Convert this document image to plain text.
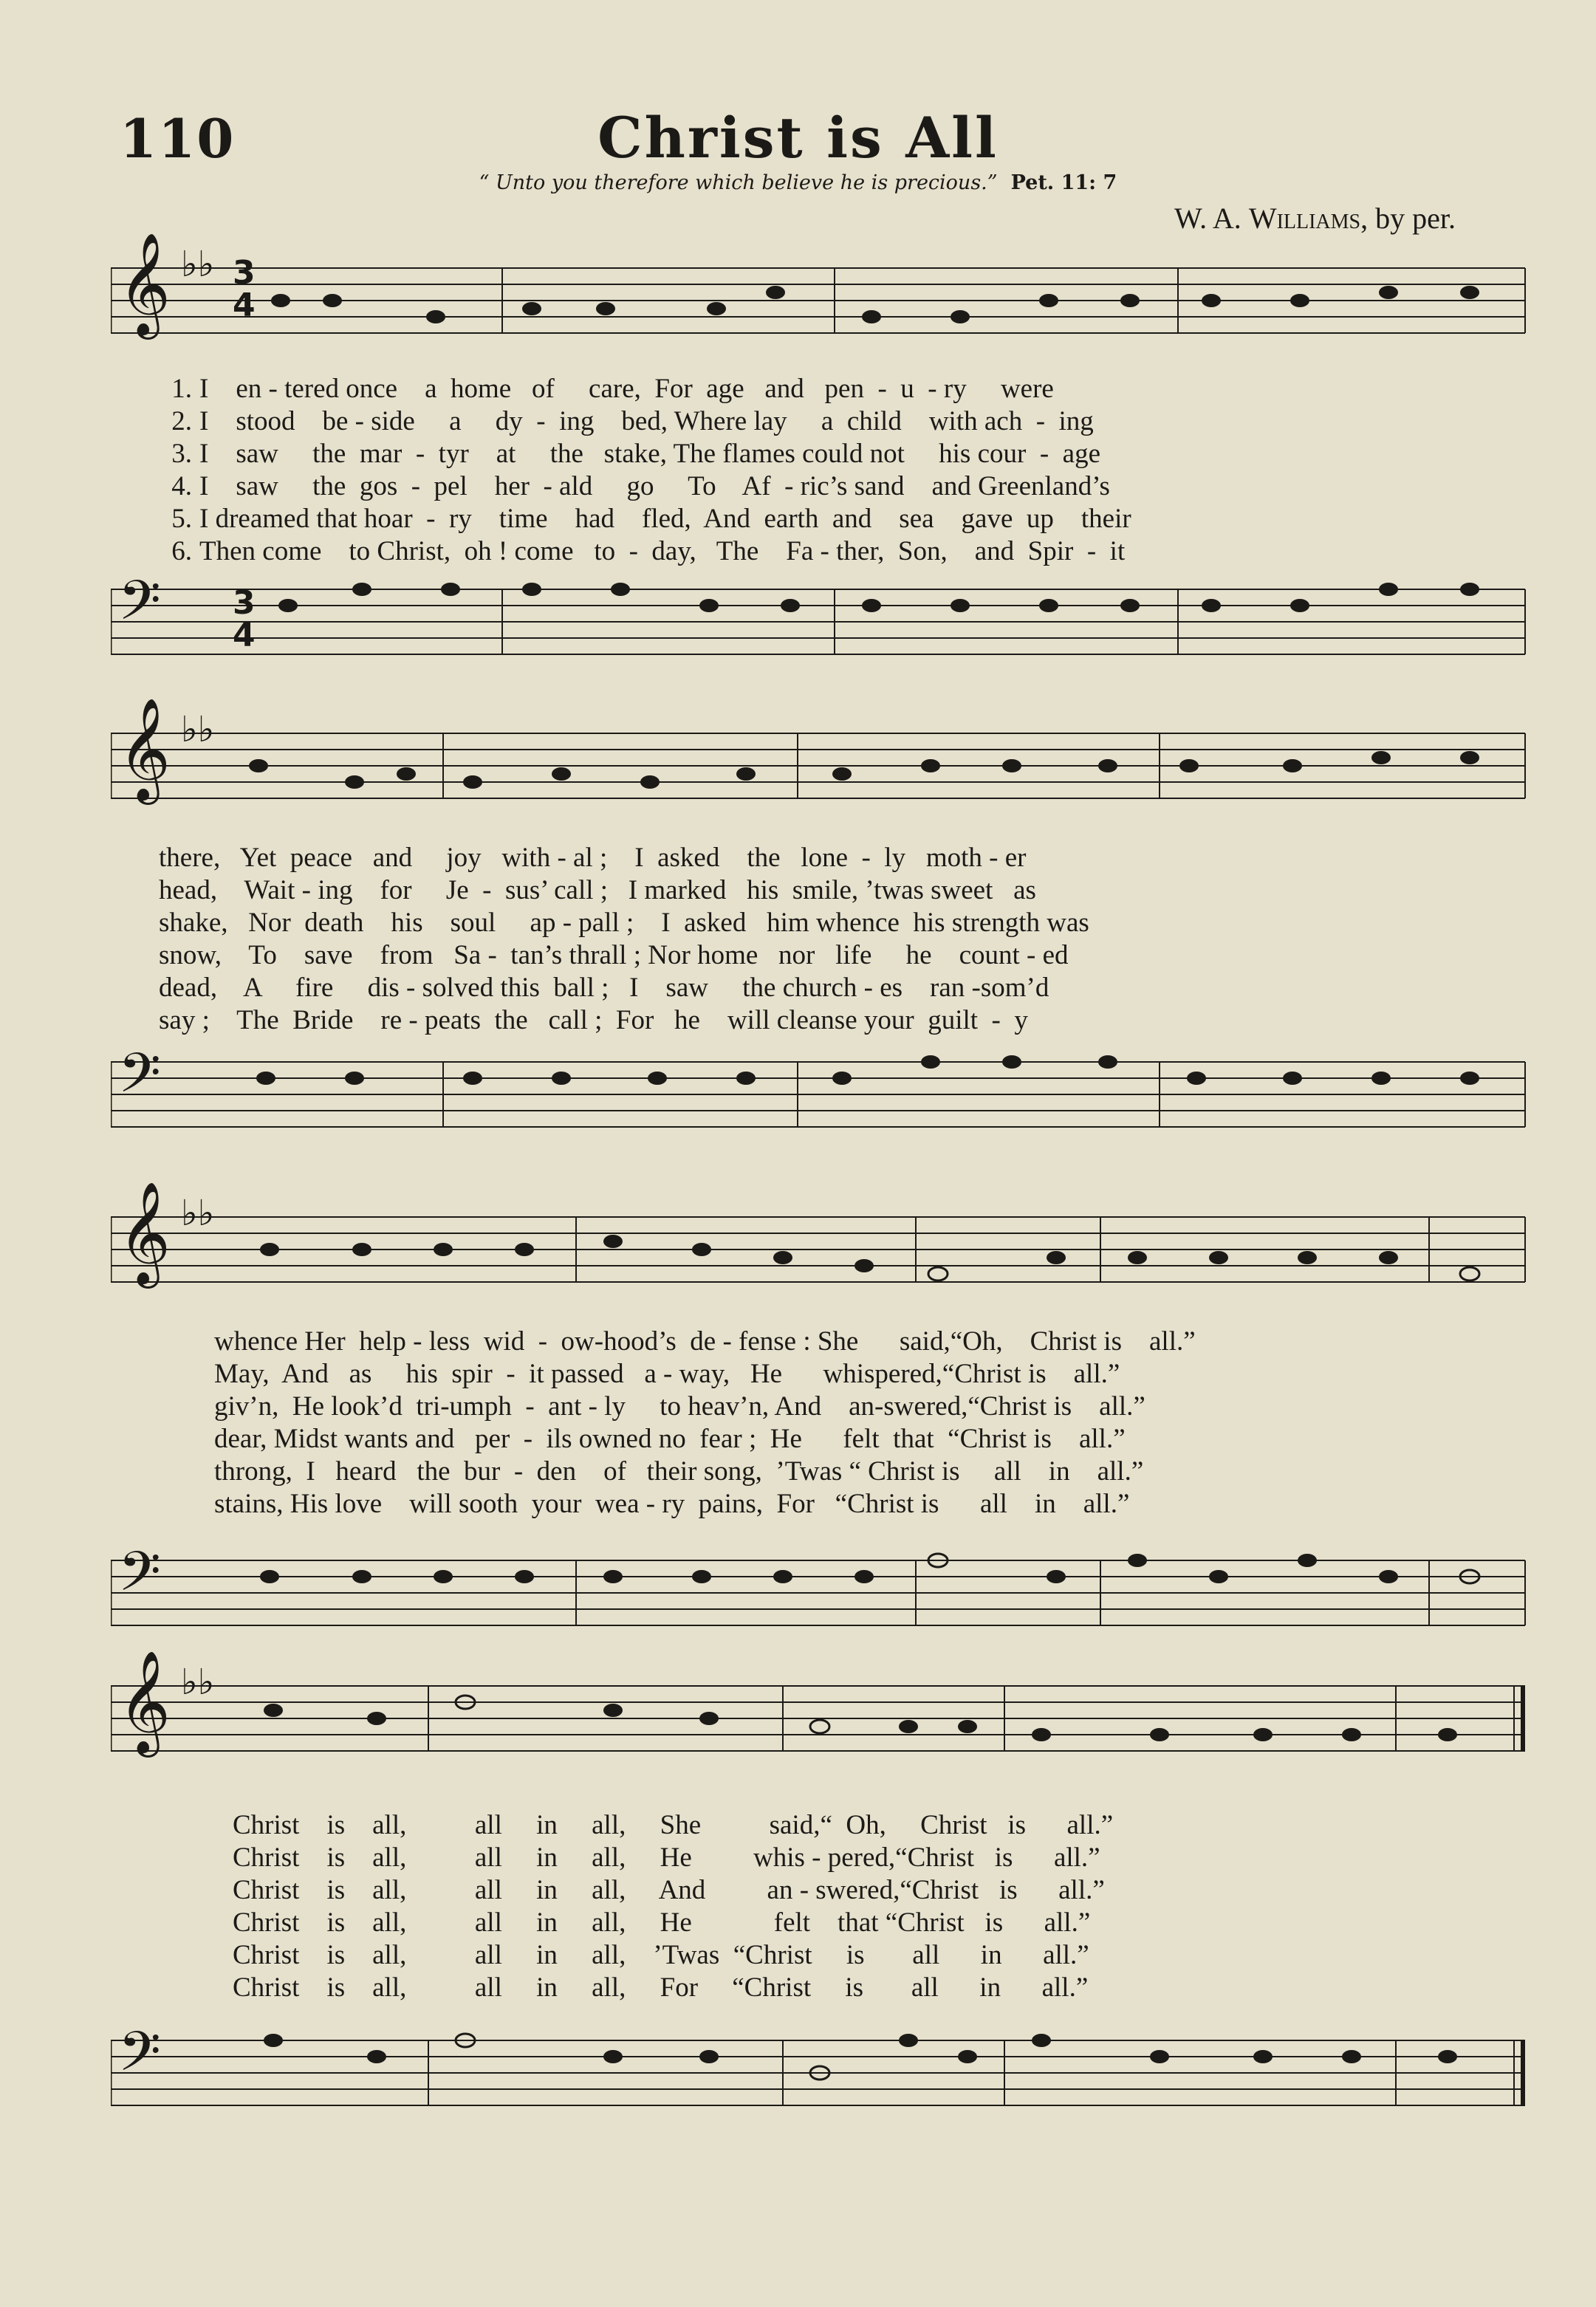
110	Christ is All
“ Unto you therefore which believe he is precious.” Pet. 11: 7
W. A. Williams, by per.
𝄞 ♭♭ 3
4
1. I    en - tered once    a  home   of     care,  For  age   and   pen  -  u  - ry     were
2. I    stood    be - side     a     dy  -  ing    bed, Where lay     a  child    with ach  -  ing
3. I    saw     the  mar  -  tyr    at     the   stake, The flames could not     his cour  -  age
4. I    saw     the  gos  -  pel    her  - ald     go     To    Af  - ric’s sand    and Greenland’s
5. I dreamed that hoar  -  ry    time    had    fled,  And  earth  and    sea    gave  up    their
6. Then come    to Christ,  oh ! come   to  -  day,   The    Fa - ther,  Son,    and  Spir  -  it
𝄢 3
4
𝄞 ♭♭
there,   Yet  peace   and     joy   with - al ;    I  asked    the   lone  -  ly   moth - er
head,    Wait - ing    for     Je  -  sus’ call ;   I marked   his  smile, ’twas sweet   as
shake,   Nor  death    his    soul     ap - pall ;    I  asked   him whence  his strength was
snow,    To    save    from   Sa -  tan’s thrall ; Nor home   nor   life     he    count - ed
dead,    A     fire     dis - solved this  ball ;   I    saw     the church - es    ran -som’d
say ;    The  Bride    re - peats  the   call ;  For   he    will cleanse your  guilt  -  y
𝄢
𝄞 ♭♭
whence Her  help - less  wid  -  ow-hood’s  de - fense : She      said,“Oh,    Christ is    all.”
May,  And   as     his  spir  -  it passed   a - way,   He      whispered,“Christ is    all.”
giv’n,  He look’d  tri-umph  -  ant - ly     to heav’n, And    an-swered,“Christ is    all.”
dear, Midst wants and   per  -  ils owned no  fear ;  He      felt  that  “Christ is    all.”
throng,  I   heard   the  bur  -  den    of   their song,  ’Twas “ Christ is     all    in    all.”
stains, His love    will sooth  your  wea - ry  pains,  For   “Christ is      all    in    all.”
𝄢
𝄞 ♭♭
Christ    is    all,          all     in     all,     She          said,“  Oh,     Christ   is      all.”
Christ    is    all,          all     in     all,     He         whis - pered,“Christ   is      all.”
Christ    is    all,          all     in     all,     And         an - swered,“Christ   is      all.”
Christ    is    all,          all     in     all,     He            felt    that “Christ   is      all.”
Christ    is    all,          all     in     all,    ’Twas  “Christ     is       all      in      all.”
Christ    is    all,          all     in     all,     For     “Christ     is       all      in      all.”
𝄢
